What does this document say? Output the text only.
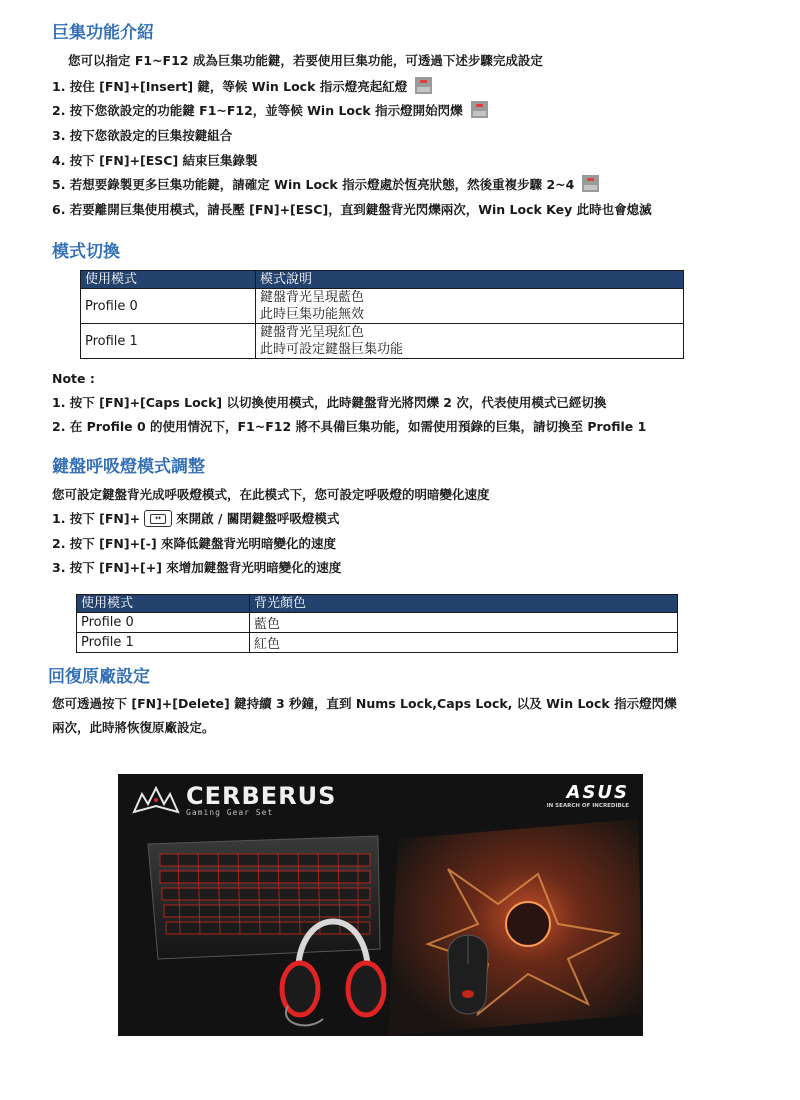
巨集功能介紹
您可以指定 F1~F12 成為巨集功能鍵，若要使用巨集功能，可透過下述步驟完成設定
1. 按住 [FN]+[Insert] 鍵，等候 Win Lock 指示燈亮起紅燈
2. 按下您欲設定的功能鍵 F1~F12，並等候 Win Lock 指示燈開始閃爍
3. 按下您欲設定的巨集按鍵組合
4. 按下 [FN]+[ESC] 結束巨集錄製
5. 若想要錄製更多巨集功能鍵，請確定 Win Lock 指示燈處於恆亮狀態，然後重複步驟 2~4
6. 若要離開巨集使用模式，請長壓 [FN]+[ESC]，直到鍵盤背光閃爍兩次，Win Lock Key 此時也會熄滅
模式切換
使用模式	模式說明
Profile 0	鍵盤背光呈現藍色
此時巨集功能無效

Profile 1	鍵盤背光呈現紅色
此時可設定鍵盤巨集功能
Note :
1. 按下 [FN]+[Caps Lock] 以切換使用模式，此時鍵盤背光將閃爍 2 次，代表使用模式已經切換
2. 在 Profile 0 的使用情況下，F1~F12 將不具備巨集功能，如需使用預錄的巨集，請切換至 Profile 1
鍵盤呼吸燈模式調整
您可設定鍵盤背光成呼吸燈模式，在此模式下，您可設定呼吸燈的明暗變化速度
1. 按下 [FN]+	↔	來開啟 / 關閉鍵盤呼吸燈模式
2. 按下 [FN]+[-] 來降低鍵盤背光明暗變化的速度
3. 按下 [FN]+[+] 來增加鍵盤背光明暗變化的速度
使用模式	背光顏色
Profile 0	藍色
Profile 1	紅色
回復原廠設定
您可透過按下 [FN]+[Delete] 鍵持續 3 秒鐘，直到 Nums Lock,Caps Lock, 以及 Win Lock 指示燈閃爍
兩次，此時將恢復原廠設定。
CERBERUS
Gaming Gear Set
ASUS
IN SEARCH OF INCREDIBLE
